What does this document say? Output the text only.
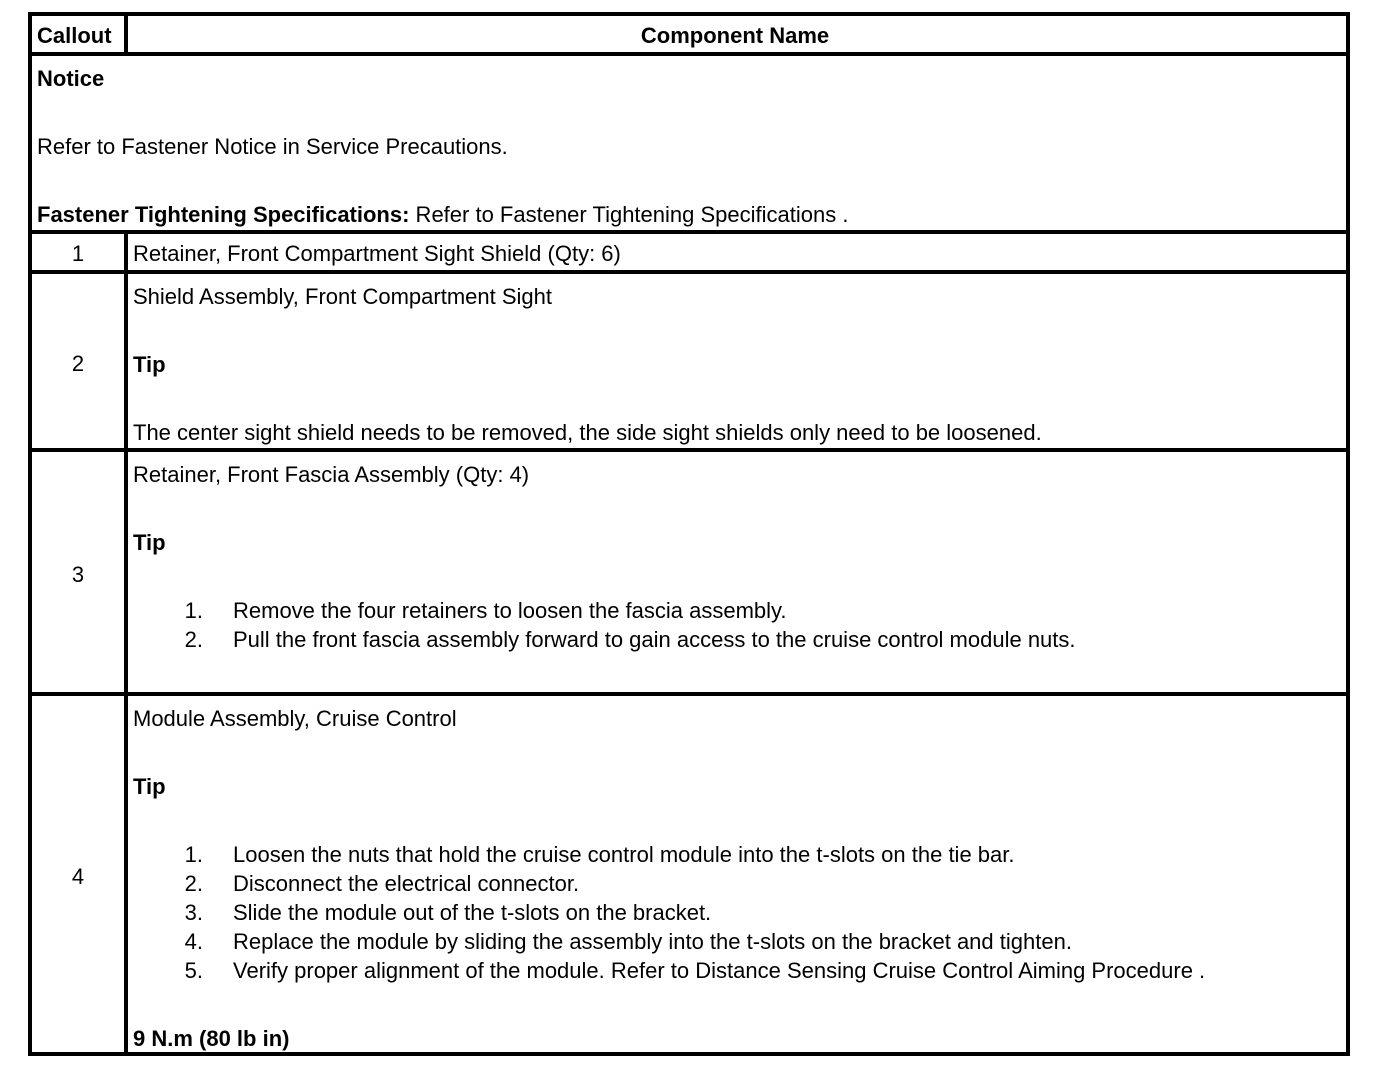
Callout	Component Name
Notice
Refer to Fastener Notice in Service Precautions.
Fastener Tightening Specifications: Refer to Fastener Tightening Specifications .
1	Retainer, Front Compartment Sight Shield (Qty: 6)
2
Shield Assembly, Front Compartment Sight
Tip
The center sight shield needs to be removed, the side sight shields only need to be loosened.
3
Retainer, Front Fascia Assembly (Qty: 4)
Tip
1. Remove the four retainers to loosen the fascia assembly.
2. Pull the front fascia assembly forward to gain access to the cruise control module nuts.
4
Module Assembly, Cruise Control
Tip
1. Loosen the nuts that hold the cruise control module into the t-slots on the tie bar.
2. Disconnect the electrical connector.
3. Slide the module out of the t-slots on the bracket.
4. Replace the module by sliding the assembly into the t-slots on the bracket and tighten.
5. Verify proper alignment of the module. Refer to Distance Sensing Cruise Control Aiming Procedure .
9 N.m (80 lb in)
